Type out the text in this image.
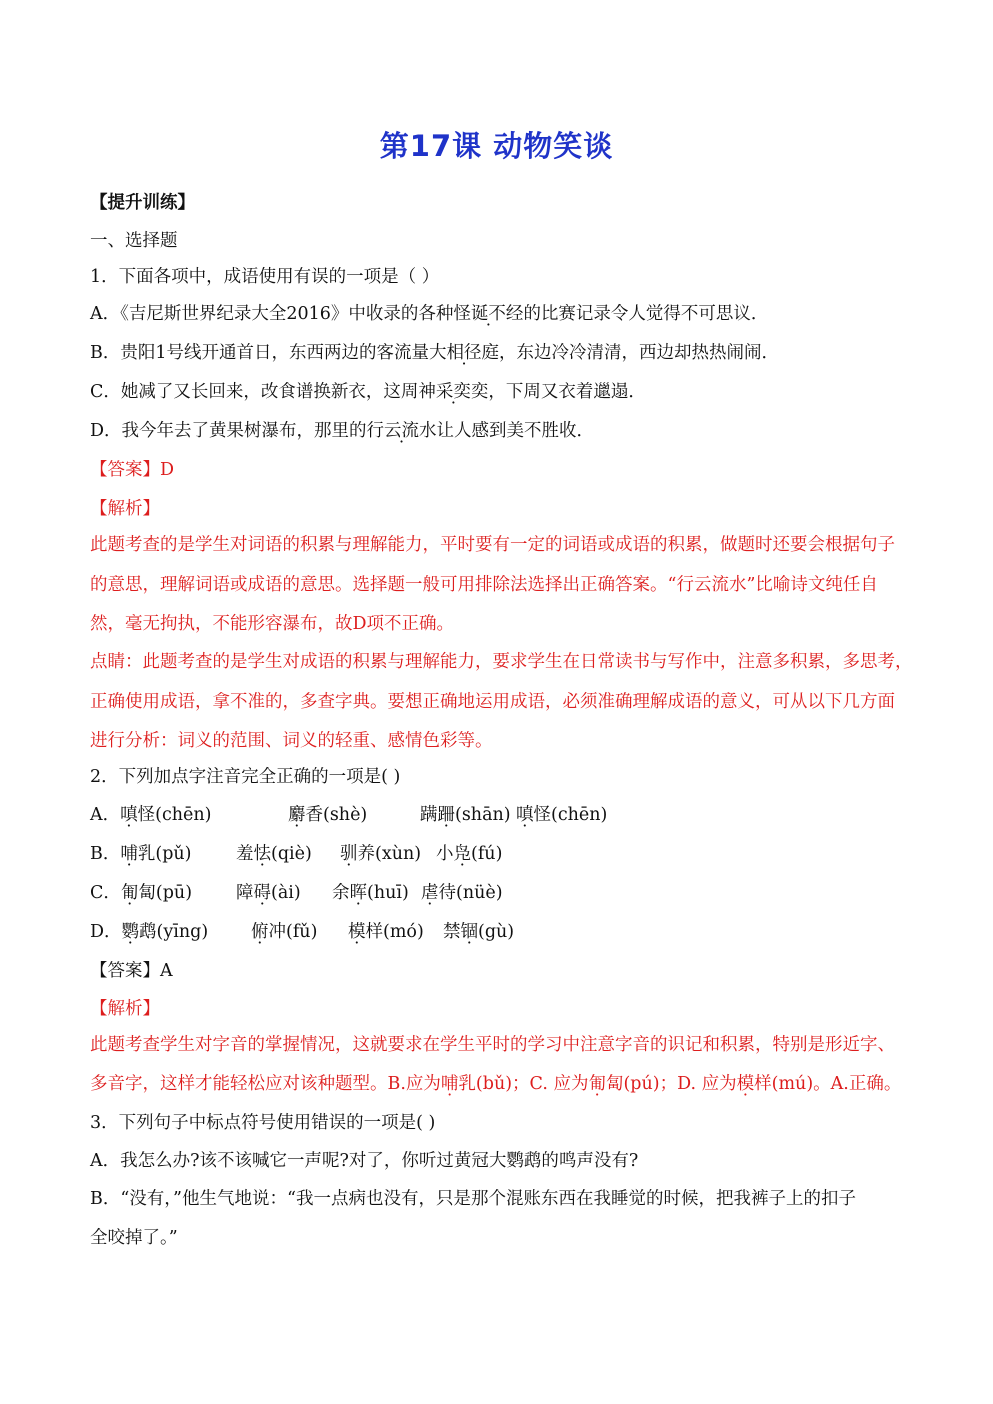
第17课 动物笑谈
【提升训练】
一、选择题
1．下面各项中，成语使用有误的一项是（ ）
A．《吉尼斯世界纪录大全2016》中收录的各种怪诞不经的比赛记录令人觉得不可思议．
B．贵阳1号线开通首日，东西两边的客流量大相径庭，东边冷冷清清，西边却热热闹闹．
C．她减了又长回来，改食谱换新衣，这周神采奕奕，下周又衣着邋遢．
D．我今年去了黄果树瀑布，那里的行云流水让人感到美不胜收．
【答案】D
【解析】
此题考查的是学生对词语的积累与理解能力，平时要有一定的词语或成语的积累，做题时还要会根据句子
的意思，理解词语或成语的意思。选择题一般可用排除法选择出正确答案。“行云流水”比喻诗文纯任自
然，毫无拘执，不能形容瀑布，故D项不正确。
点睛：此题考查的是学生对成语的积累与理解能力，要求学生在日常读书与写作中，注意多积累，多思考，
正确使用成语，拿不准的，多查字典。要想正确地运用成语，必须准确理解成语的意义，可从以下几方面
进行分析：词义的范围、词义的轻重、感情色彩等。
2．下列加点字注音完全正确的一项是( )
A．嗔怪(chēn)	麝香(shè)	蹒跚(shān) 嗔怪(chēn)
B．哺乳(pǔ)	羞怯(qiè) 驯养(xùn) 小凫(fú)
C．匍匐(pū)	障碍(ài) 余晖(huī) 虐待(nüè)
D．鹦鹉(yīng) 俯冲(fǔ) 模样(mó) 禁锢(gù)
【答案】A
【解析】
此题考查学生对字音的掌握情况，这就要求在学生平时的学习中注意字音的识记和积累，特别是形近字、
多音字，这样才能轻松应对该种题型。B.应为哺乳(bǔ)；C. 应为匍匐(pú)；D. 应为模样(mú)。A.正确。
3．下列句子中标点符号使用错误的一项是( )
A．我怎么办?该不该喊它一声呢?对了，你听过黄冠大鹦鹉的鸣声没有?
B．“没有，”他生气地说：“我一点病也没有，只是那个混账东西在我睡觉的时候，把我裤子上的扣子
全咬掉了。”
